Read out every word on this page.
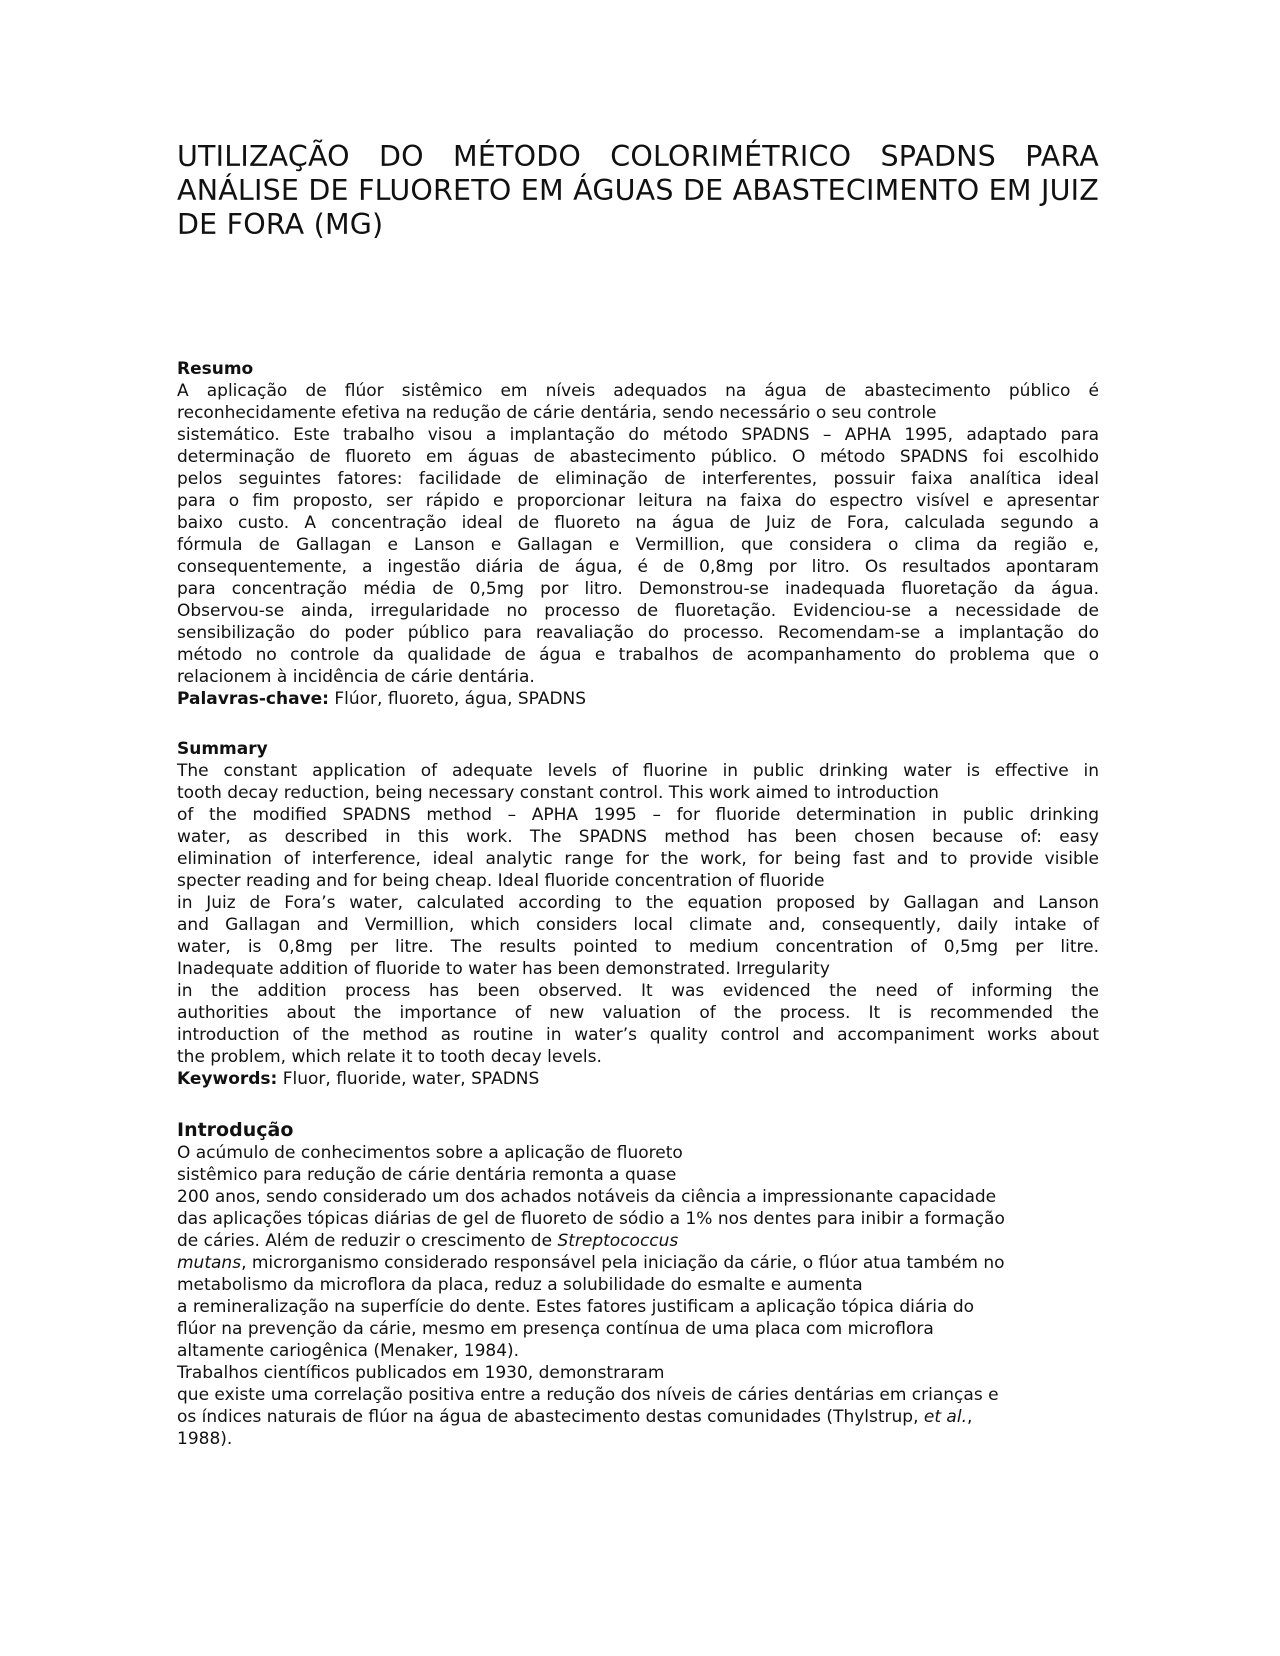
UTILIZAÇÃO DO MÉTODO COLORIMÉTRICO SPADNS PARA ANÁLISE DE FLUORETO EM ÁGUAS DE ABASTECIMENTO EM JUIZ DE FORA (MG)

Resumo

A aplicação de flúor sistêmico em níveis adequados na água de abastecimento público é
reconhecidamente efetiva na redução de cárie dentária, sendo necessário o seu controle
sistemático. Este trabalho visou a implantação do método SPADNS – APHA 1995, adaptado para
determinação de fluoreto em águas de abastecimento público. O método SPADNS foi escolhido
pelos seguintes fatores: facilidade de eliminação de interferentes, possuir faixa analítica ideal
para o fim proposto, ser rápido e proporcionar leitura na faixa do espectro visível e apresentar
baixo custo. A concentração ideal de fluoreto na água de Juiz de Fora, calculada segundo a
fórmula de Gallagan e Lanson e Gallagan e Vermillion, que considera o clima da região e,
consequentemente, a ingestão diária de água, é de 0,8mg por litro. Os resultados apontaram
para concentração média de 0,5mg por litro. Demonstrou-se inadequada fluoretação da água.
Observou-se ainda, irregularidade no processo de fluoretação. Evidenciou-se a necessidade de
sensibilização do poder público para reavaliação do processo. Recomendam-se a implantação do
método no controle da qualidade de água e trabalhos de acompanhamento do problema que o
relacionem à incidência de cárie dentária.

Palavras-chave: Flúor, fluoreto, água, SPADNS

Summary

The constant application of adequate levels of fluorine in public drinking water is effective in
tooth decay reduction, being necessary constant control. This work aimed to introduction
of the modified SPADNS method – APHA 1995 – for fluoride determination in public drinking
water, as described in this work. The SPADNS method has been chosen because of: easy
elimination of interference, ideal analytic range for the work, for being fast and to provide visible
specter reading and for being cheap. Ideal fluoride concentration of fluoride
in Juiz de Fora’s water, calculated according to the equation proposed by Gallagan and Lanson
and Gallagan and Vermillion, which considers local climate and, consequently, daily intake of
water, is 0,8mg per litre. The results pointed to medium concentration of 0,5mg per litre.
Inadequate addition of fluoride to water has been demonstrated. Irregularity
in the addition process has been observed. It was evidenced the need of informing the
authorities about the importance of new valuation of the process. It is recommended the
introduction of the method as routine in water’s quality control and accompaniment works about
the problem, which relate it to tooth decay levels.

Keywords: Fluor, fluoride, water, SPADNS

Introdução

O acúmulo de conhecimentos sobre a aplicação de fluoreto
sistêmico para redução de cárie dentária remonta a quase
200 anos, sendo considerado um dos achados notáveis da ciência a impressionante capacidade
das aplicações tópicas diárias de gel de fluoreto de sódio a 1% nos dentes para inibir a formação
de cáries. Além de reduzir o crescimento de Streptococcus
mutans, microrganismo considerado responsável pela iniciação da cárie, o flúor atua também no
metabolismo da microflora da placa, reduz a solubilidade do esmalte e aumenta
a remineralização na superfície do dente. Estes fatores justificam a aplicação tópica diária do
flúor na prevenção da cárie, mesmo em presença contínua de uma placa com microflora
altamente cariogênica (Menaker, 1984).
Trabalhos científicos publicados em 1930, demonstraram
que existe uma correlação positiva entre a redução dos níveis de cáries dentárias em crianças e
os índices naturais de flúor na água de abastecimento destas comunidades (Thylstrup, et al.,
1988).
